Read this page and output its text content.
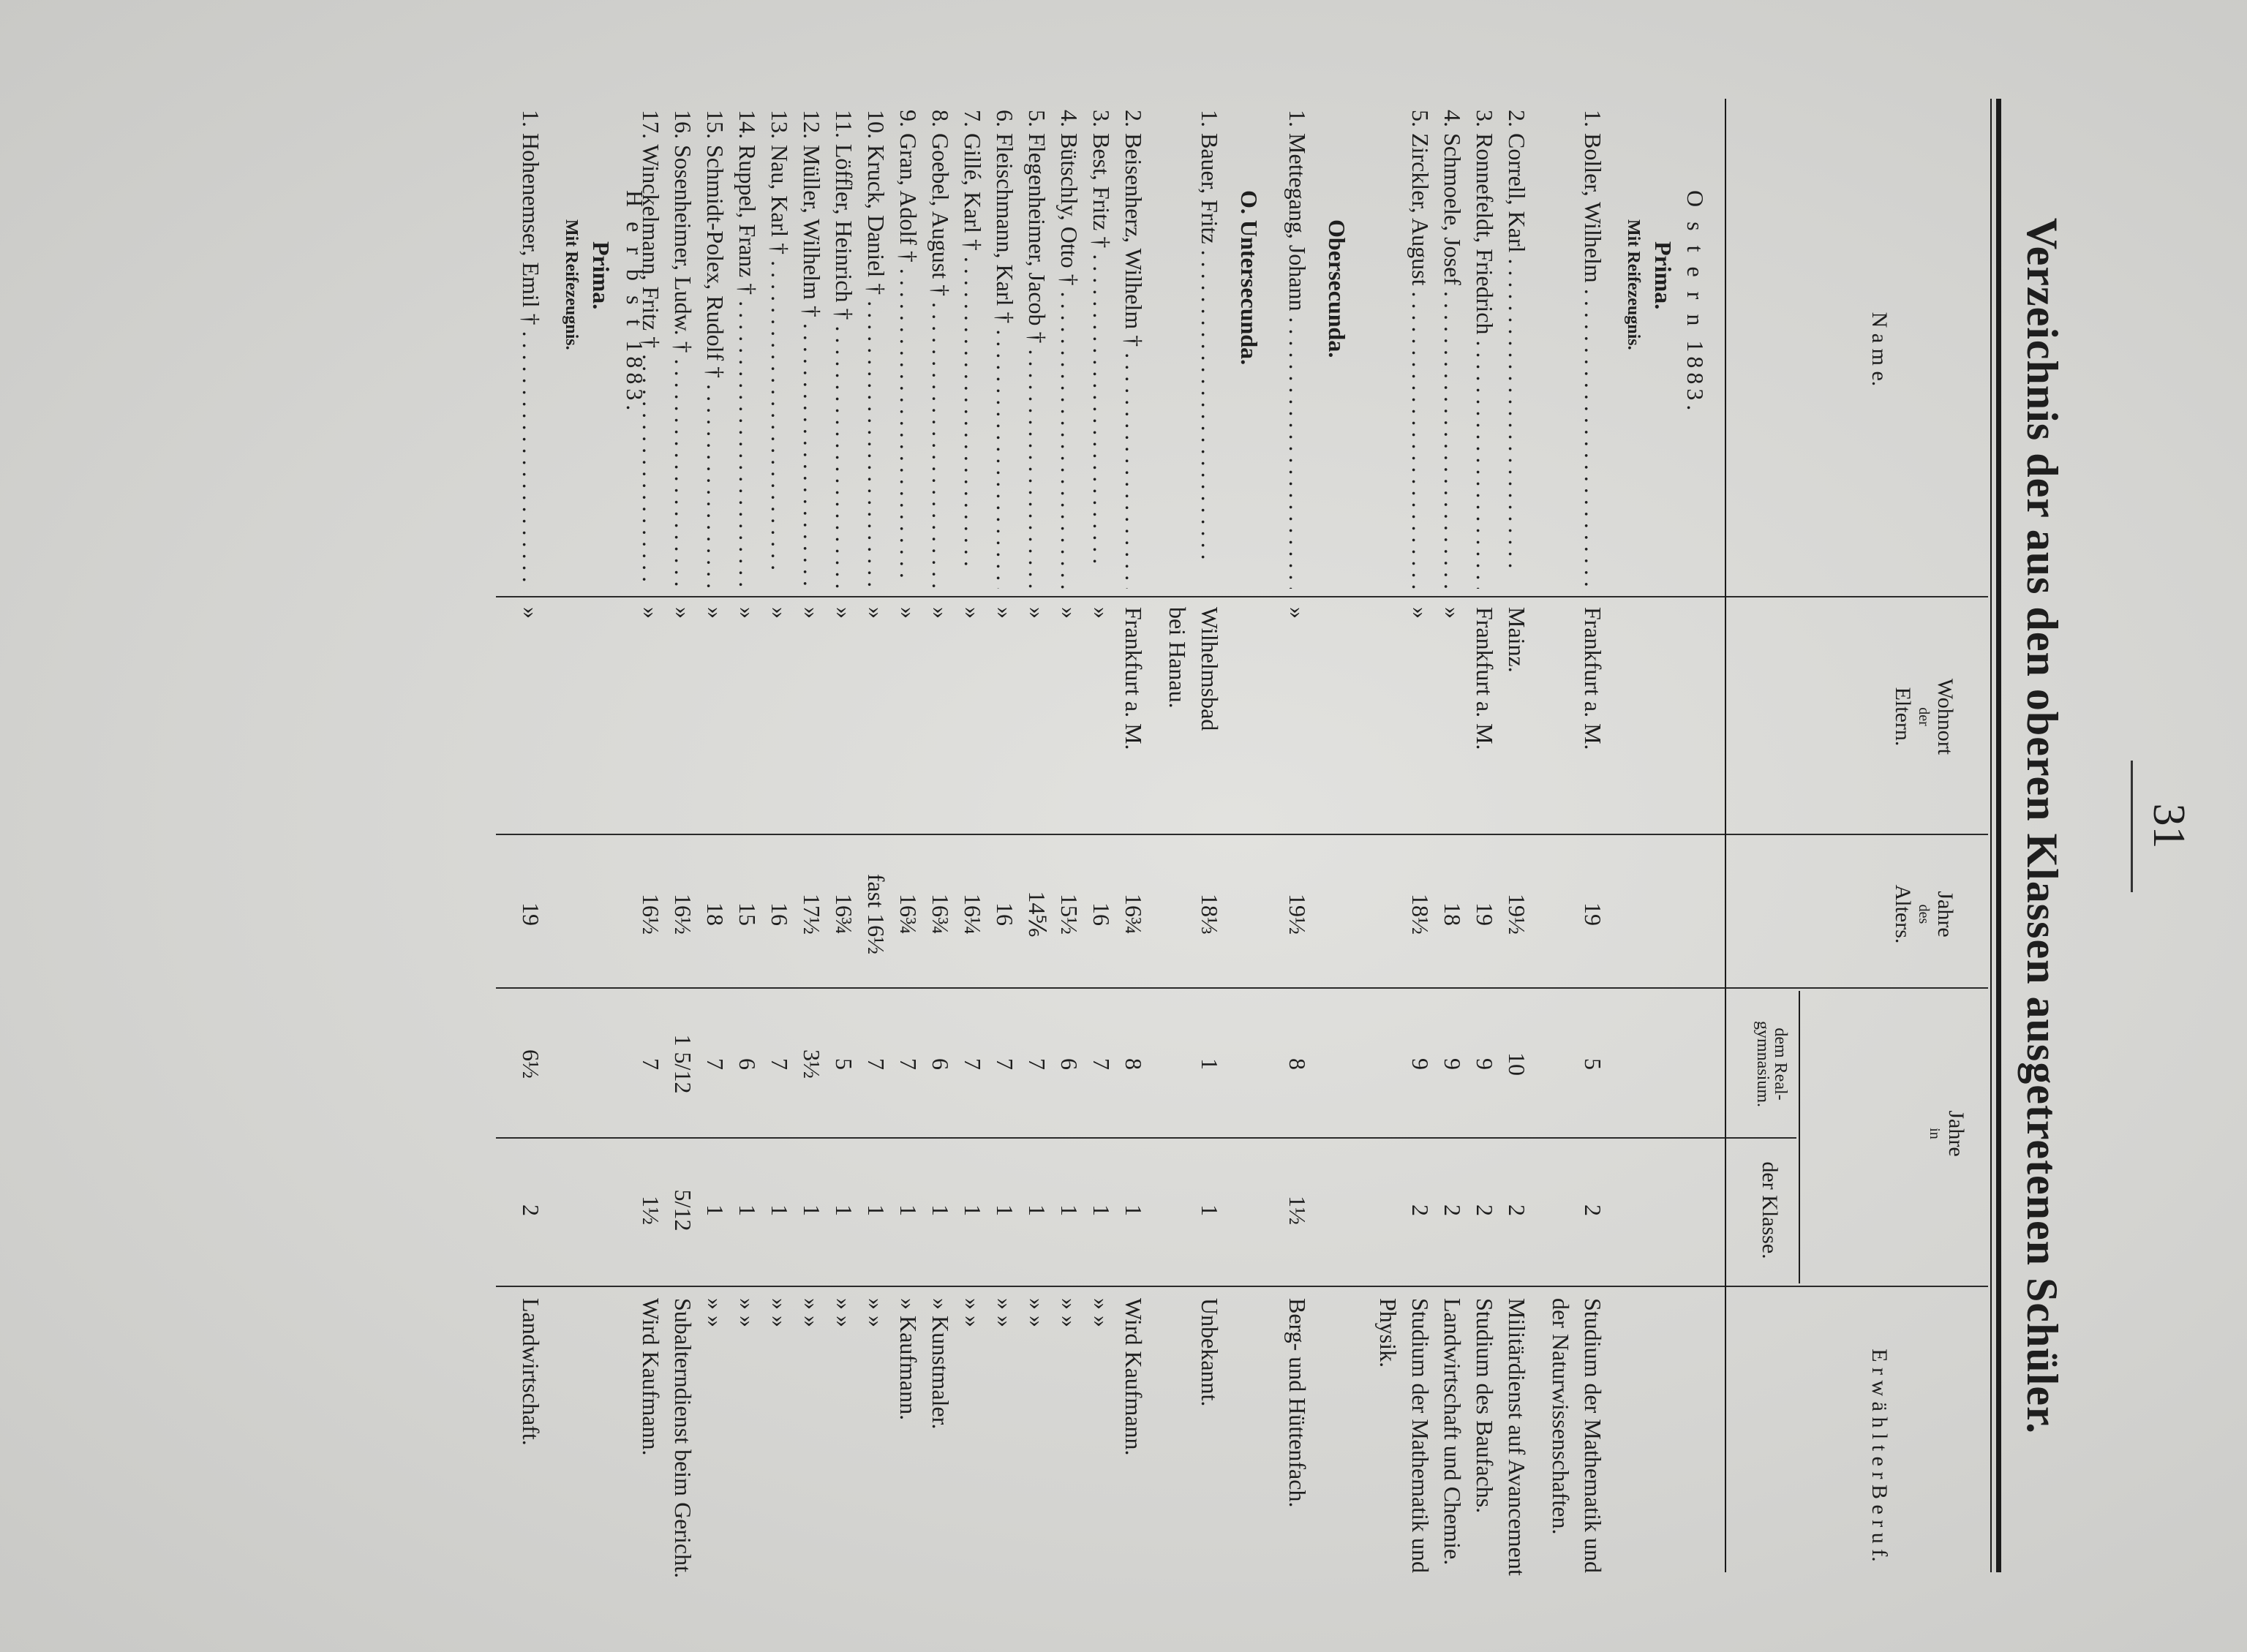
31
Verzeichnis der aus den oberen Klassen ausgetretenen Schüler.
N a m e.
Wohnort
der
Eltern.
Jahre
des
Alters.
Jahre
in
dem Real-
gymnasium.
der Klasse.
E r w ä h l t e r B e r u f.
O s t e r n 1883.
Prima.
Mit Reifezeugnis.
Obersecunda.
O. Untersecunda.
H e r b s t 1883.
Prima.
Mit Reifezeugnis.
1. Boller, Wilhelm . . .
Frankfurt a. M.
19
5
2
Studium der Mathematik und
der Naturwissenschaften.
2. Correll, Karl . . .
Mainz.
19½
10
2
Militärdienst auf Avancement
3. Ronnefeldt, Friedrich . . .
Frankfurt a. M.
19
9
2
Studium des Baufachs.
4. Schmoele, Josef . . .
»
18
9
2
Landwirtschaft und Chemie.
5. Zirckler, August . . .
»
18½
9
2
Studium der Mathematik und
Physik.
1. Mettegang, Johann . . .
»
19½
8
1½
Berg- und Hüttenfach.
1. Bauer, Fritz . . .
Wilhelmsbad
18⅓
1
1
Unbekannt.
bei Hanau.
2. Beisenherz, Wilhelm † . . .
Frankfurt a. M.
16¾
8
1
Wird Kaufmann.
3. Best, Fritz † . . .
»
16
7
1
» »
4. Bütschly, Otto † . . .
»
15½
6
1
» »
5. Flegenheimer, Jacob † . . .
»
14⅚
7
1
» »
6. Fleischmann, Karl † . . .
»
16
7
1
» »
7. Gillé, Karl † . . .
»
16¼
7
1
» »
8. Goebel, August † . . .
»
16¾
6
1
» Kunstmaler.
9. Gran, Adolf † . . .
»
16¾
7
1
» Kaufmann.
10. Kruck, Daniel † . . .
»
fast 16½
7
1
» »
11. Löffler, Heinrich † . . .
»
16¾
5
1
» »
12. Müller, Wilhelm † . . .
»
17½
3½
1
» »
13. Nau, Karl † . . .
»
16
7
1
» »
14. Ruppel, Franz † . . .
»
15
6
1
» »
15. Schmidt-Polex, Rudolf † . . .
»
18
7
1
» »
16. Sosenheimer, Ludw. † . . .
»
16½
1 5/12
5/12
Subalterndienst beim Gericht.
17. Winckelmann, Fritz † . . .
»
16½
7
1½
Wird Kaufmann.
1. Hohenemser, Emil † . . .
»
19
6½
2
Landwirtschaft.
